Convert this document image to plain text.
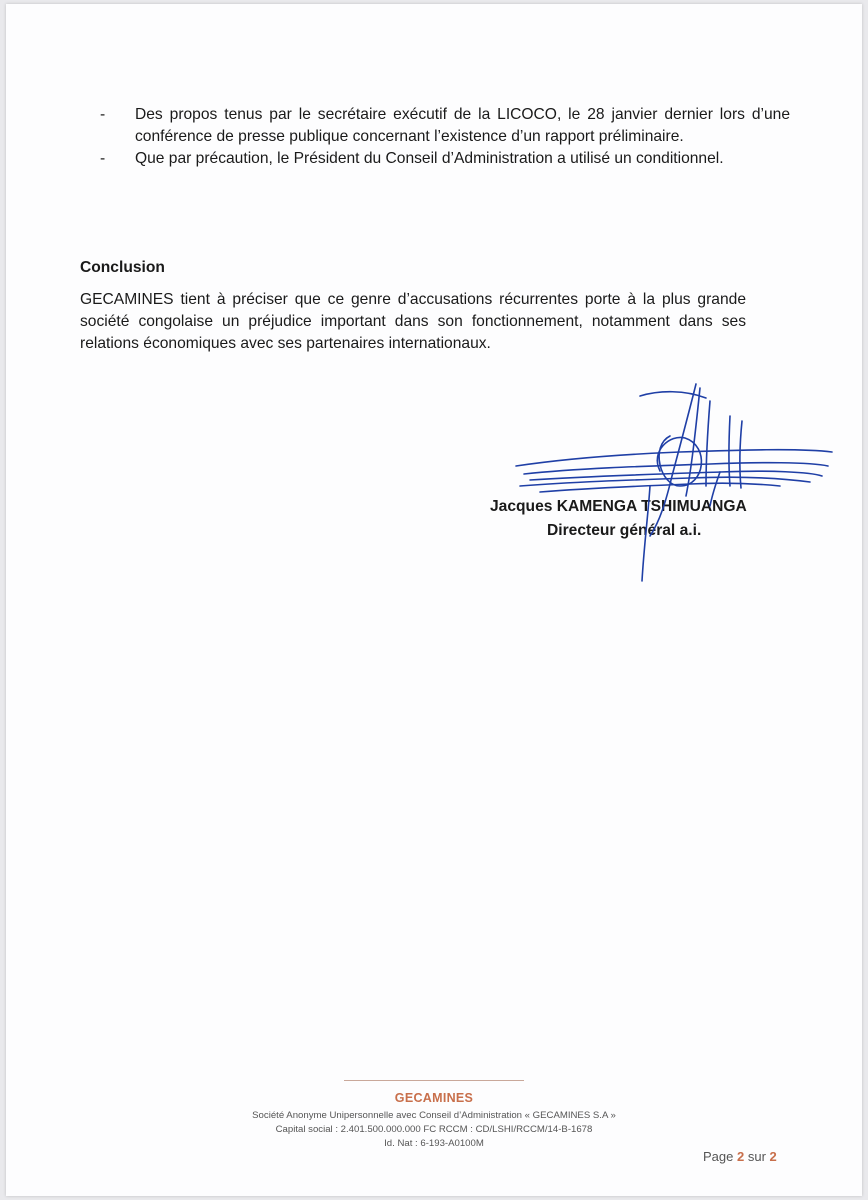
- Des propos tenus par le secrétaire exécutif de la LICOCO, le 28 janvier dernier lors d’une conférence de presse publique concernant l’existence d’un rapport préliminaire.
- Que par précaution, le Président du Conseil d’Administration a utilisé un conditionnel.
Conclusion
GECAMINES tient à préciser que ce genre d’accusations récurrentes porte à la plus grande société congolaise un préjudice important dans son fonctionnement, notamment dans ses relations économiques avec ses partenaires internationaux.
Jacques KAMENGA TSHIMUANGA
Directeur général a.i.
GECAMINES
Société Anonyme Unipersonnelle avec Conseil d’Administration « GECAMINES S.A »
Capital social : 2.401.500.000.000 FC RCCM : CD/LSHI/RCCM/14-B-1678
Id. Nat : 6-193-A0100M
Page 2 sur 2
